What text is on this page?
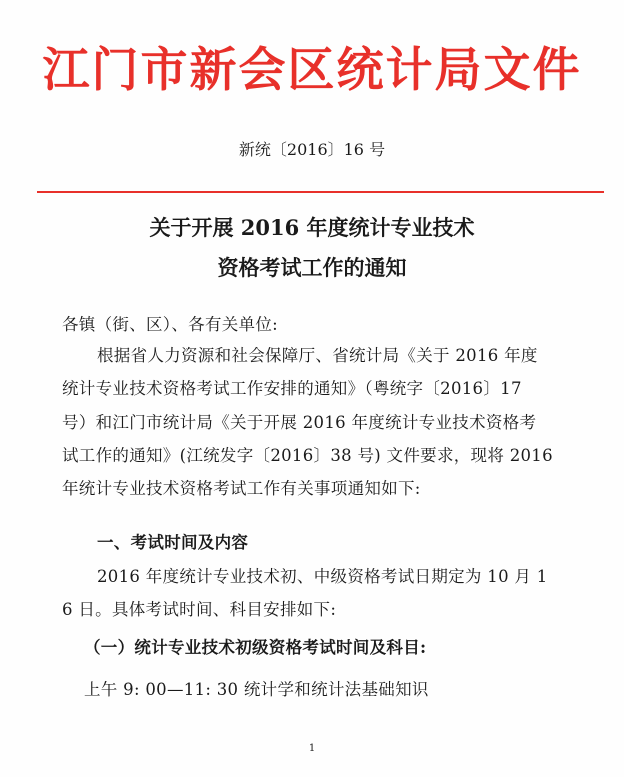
江门市新会区统计局文件
新统〔2016〕16 号
关于开展 2016 年度统计专业技术
资格考试工作的通知
各镇（街、区）、各有关单位:
根据省人力资源和社会保障厅、省统计局《关于 2016 年度
统计专业技术资格考试工作安排的通知》（粤统字〔2016〕17
号）和江门市统计局《关于开展 2016 年度统计专业技术资格考
试工作的通知》(江统发字〔2016〕38 号) 文件要求，现将 2016
年统计专业技术资格考试工作有关事项通知如下:
一、考试时间及内容
2016 年度统计专业技术初、中级资格考试日期定为 10 月 1
6 日。具体考试时间、科目安排如下:
（一）统计专业技术初级资格考试时间及科目:
上午 9: 00—11: 30 统计学和统计法基础知识
1
